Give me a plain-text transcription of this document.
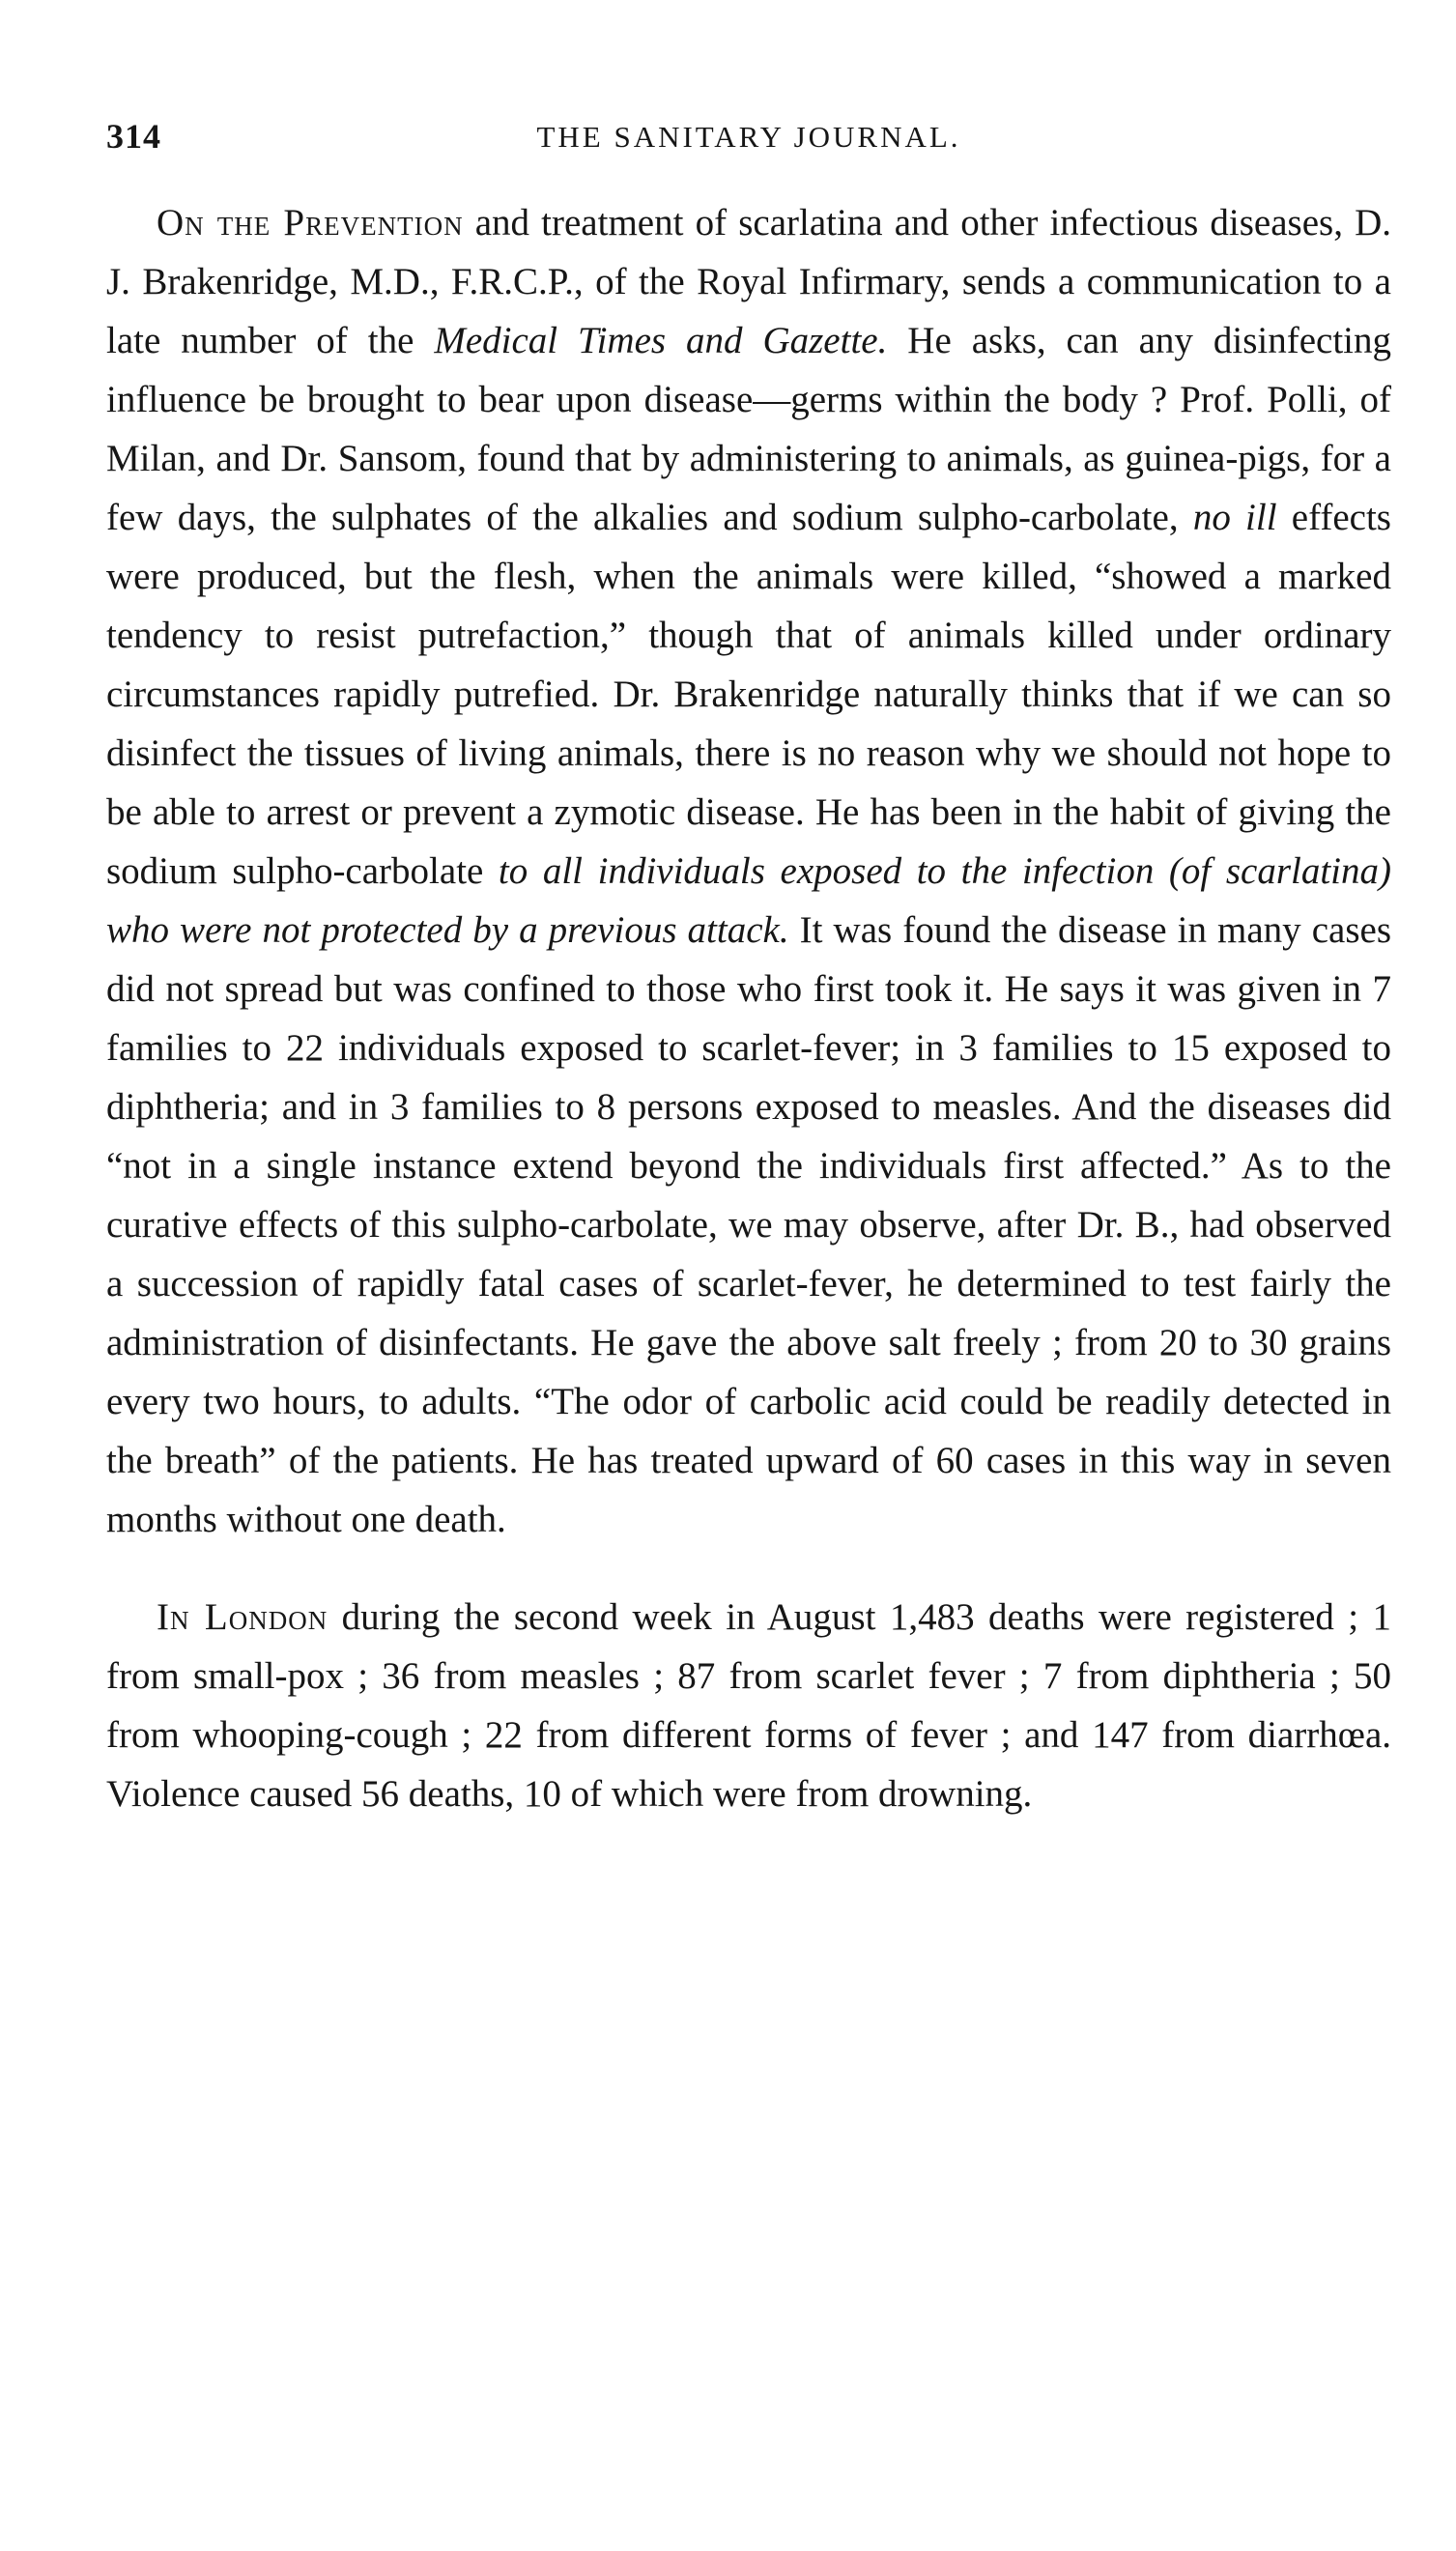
314	THE SANITARY JOURNAL.

On the Prevention and treatment of scarlatina and other infectious diseases, D. J. Brakenridge, M.D., F.R.C.P., of the Royal Infirmary, sends a communication to a late number of the Medical Times and Gazette. He asks, can any disinfecting influence be brought to bear upon disease—germs within the body ? Prof. Polli, of Milan, and Dr. Sansom, found that by administering to animals, as guinea-pigs, for a few days, the sulphates of the alkalies and sodium sulpho-carbolate, no ill effects were produced, but the flesh, when the animals were killed, “showed a marked tendency to resist putrefaction,” though that of animals killed under ordinary circumstances rapidly putrefied. Dr. Brakenridge naturally thinks that if we can so disinfect the tissues of living animals, there is no reason why we should not hope to be able to arrest or prevent a zymotic disease. He has been in the habit of giving the sodium sulpho-carbolate to all individuals exposed to the infection (of scarlatina) who were not protected by a previous attack. It was found the disease in many cases did not spread but was confined to those who first took it. He says it was given in 7 families to 22 individuals exposed to scarlet-fever; in 3 families to 15 exposed to diphtheria; and in 3 families to 8 persons exposed to measles. And the diseases did “not in a single instance extend beyond the individuals first affected.” As to the curative effects of this sulpho-carbolate, we may observe, after Dr. B., had observed a succession of rapidly fatal cases of scarlet-fever, he determined to test fairly the administration of disinfectants. He gave the above salt freely ; from 20 to 30 grains every two hours, to adults. “The odor of carbolic acid could be readily detected in the breath” of the patients. He has treated upward of 60 cases in this way in seven months without one death.

In London during the second week in August 1,483 deaths were registered ; 1 from small-pox ; 36 from measles ; 87 from scarlet fever ; 7 from diphtheria ; 50 from whooping-cough ; 22 from different forms of fever ; and 147 from diarrhœa. Violence caused 56 deaths, 10 of which were from drowning.
